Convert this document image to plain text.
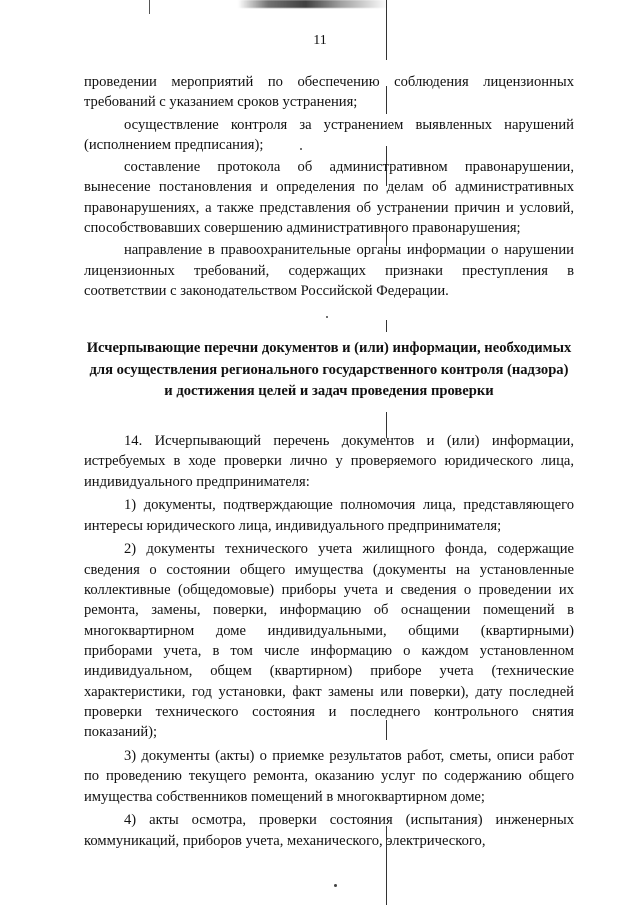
11

проведении мероприятий по обеспечению соблюдения лицензионных требований с указанием сроков устранения;

осуществление контроля за устранением выявленных нарушений (исполнением предписания);

составление протокола об административном правонарушении, вынесение постановления и определения по делам об административных правонарушениях, а также представления об устранении причин и условий, способствовавших совершению административного правонарушения;

направление в правоохранительные органы информации о нарушении лицензионных требований, содержащих признаки преступления в соответствии с законодательством Российской Федерации.

Исчерпывающие перечни документов и (или) информации, необходимых для осуществления регионального государственного контроля (надзора) и достижения целей и задач проведения проверки

14. Исчерпывающий перечень документов и (или) информации, истребуемых в ходе проверки лично у проверяемого юридического лица, индивидуального предпринимателя:

1) документы, подтверждающие полномочия лица, представляющего интересы юридического лица, индивидуального предпринимателя;

2) документы технического учета жилищного фонда, содержащие сведения о состоянии общего имущества (документы на установленные коллективные (общедомовые) приборы учета и сведения о проведении их ремонта, замены, поверки, информацию об оснащении помещений в многоквартирном доме индивидуальными, общими (квартирными) приборами учета, в том числе информацию о каждом установленном индивидуальном, общем (квартирном) приборе учета (технические характеристики, год установки, факт замены или поверки), дату последней проверки технического состояния и последнего контрольного снятия показаний);

3) документы (акты) о приемке результатов работ, сметы, описи работ по проведению текущего ремонта, оказанию услуг по содержанию общего имущества собственников помещений в многоквартирном доме;

4) акты осмотра, проверки состояния (испытания) инженерных коммуникаций, приборов учета, механического, электрического,
